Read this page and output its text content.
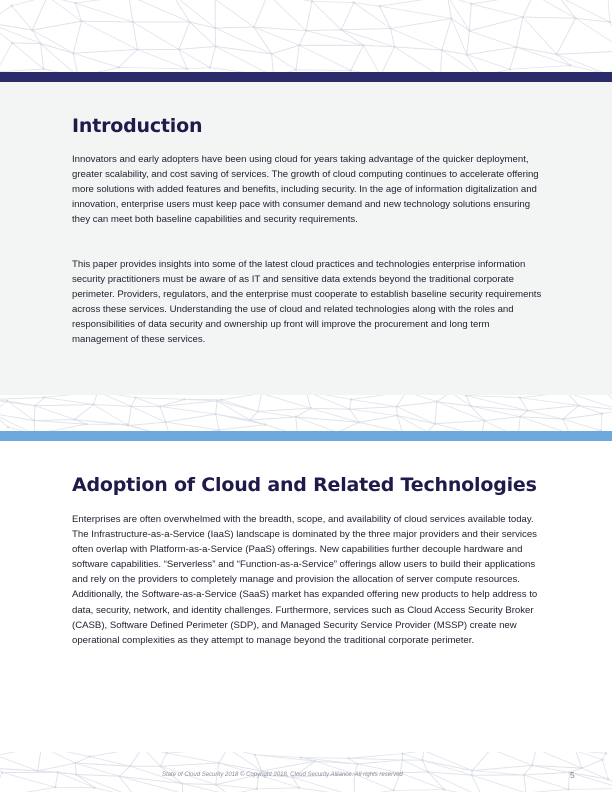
Introduction

Innovators and early adopters have been using cloud for years taking advantage of the quicker deployment, greater scalability, and cost saving of services. The growth of cloud computing continues to accelerate offering more solutions with added features and benefits, including security. In the age of information digitalization and innovation, enterprise users must keep pace with consumer demand and new technology solutions ensuring they can meet both baseline capabilities and security requirements.

This paper provides insights into some of the latest cloud practices and technologies enterprise information security practitioners must be aware of as IT and sensitive data extends beyond the traditional corporate perimeter. Providers, regulators, and the enterprise must cooperate to establish baseline security requirements across these services. Understanding the use of cloud and related technologies along with the roles and responsibilities of data security and ownership up front will improve the procurement and long term management of these services.

Adoption of Cloud and Related Technologies

Enterprises are often overwhelmed with the breadth, scope, and availability of cloud services available today. The Infrastructure-as-a-Service (IaaS) landscape is dominated by the three major providers and their services often overlap with Platform-as-a-Service (PaaS) offerings. New capabilities further decouple hardware and software capabilities. “Serverless” and “Function-as-a-Service” offerings allow users to build their applications and rely on the providers to completely manage and provision the allocation of server compute resources. Additionally, the Software-as-a-Service (SaaS) market has expanded offering new products to help address to data, security, network, and identity challenges. Furthermore, services such as Cloud Access Security Broker (CASB), Software Defined Perimeter (SDP), and Managed Security Service Provider (MSSP) create new operational complexities as they attempt to manage beyond the traditional corporate perimeter.

State of Cloud Security 2018 © Copyright 2018, Cloud Security Alliance. All rights reserved	5
